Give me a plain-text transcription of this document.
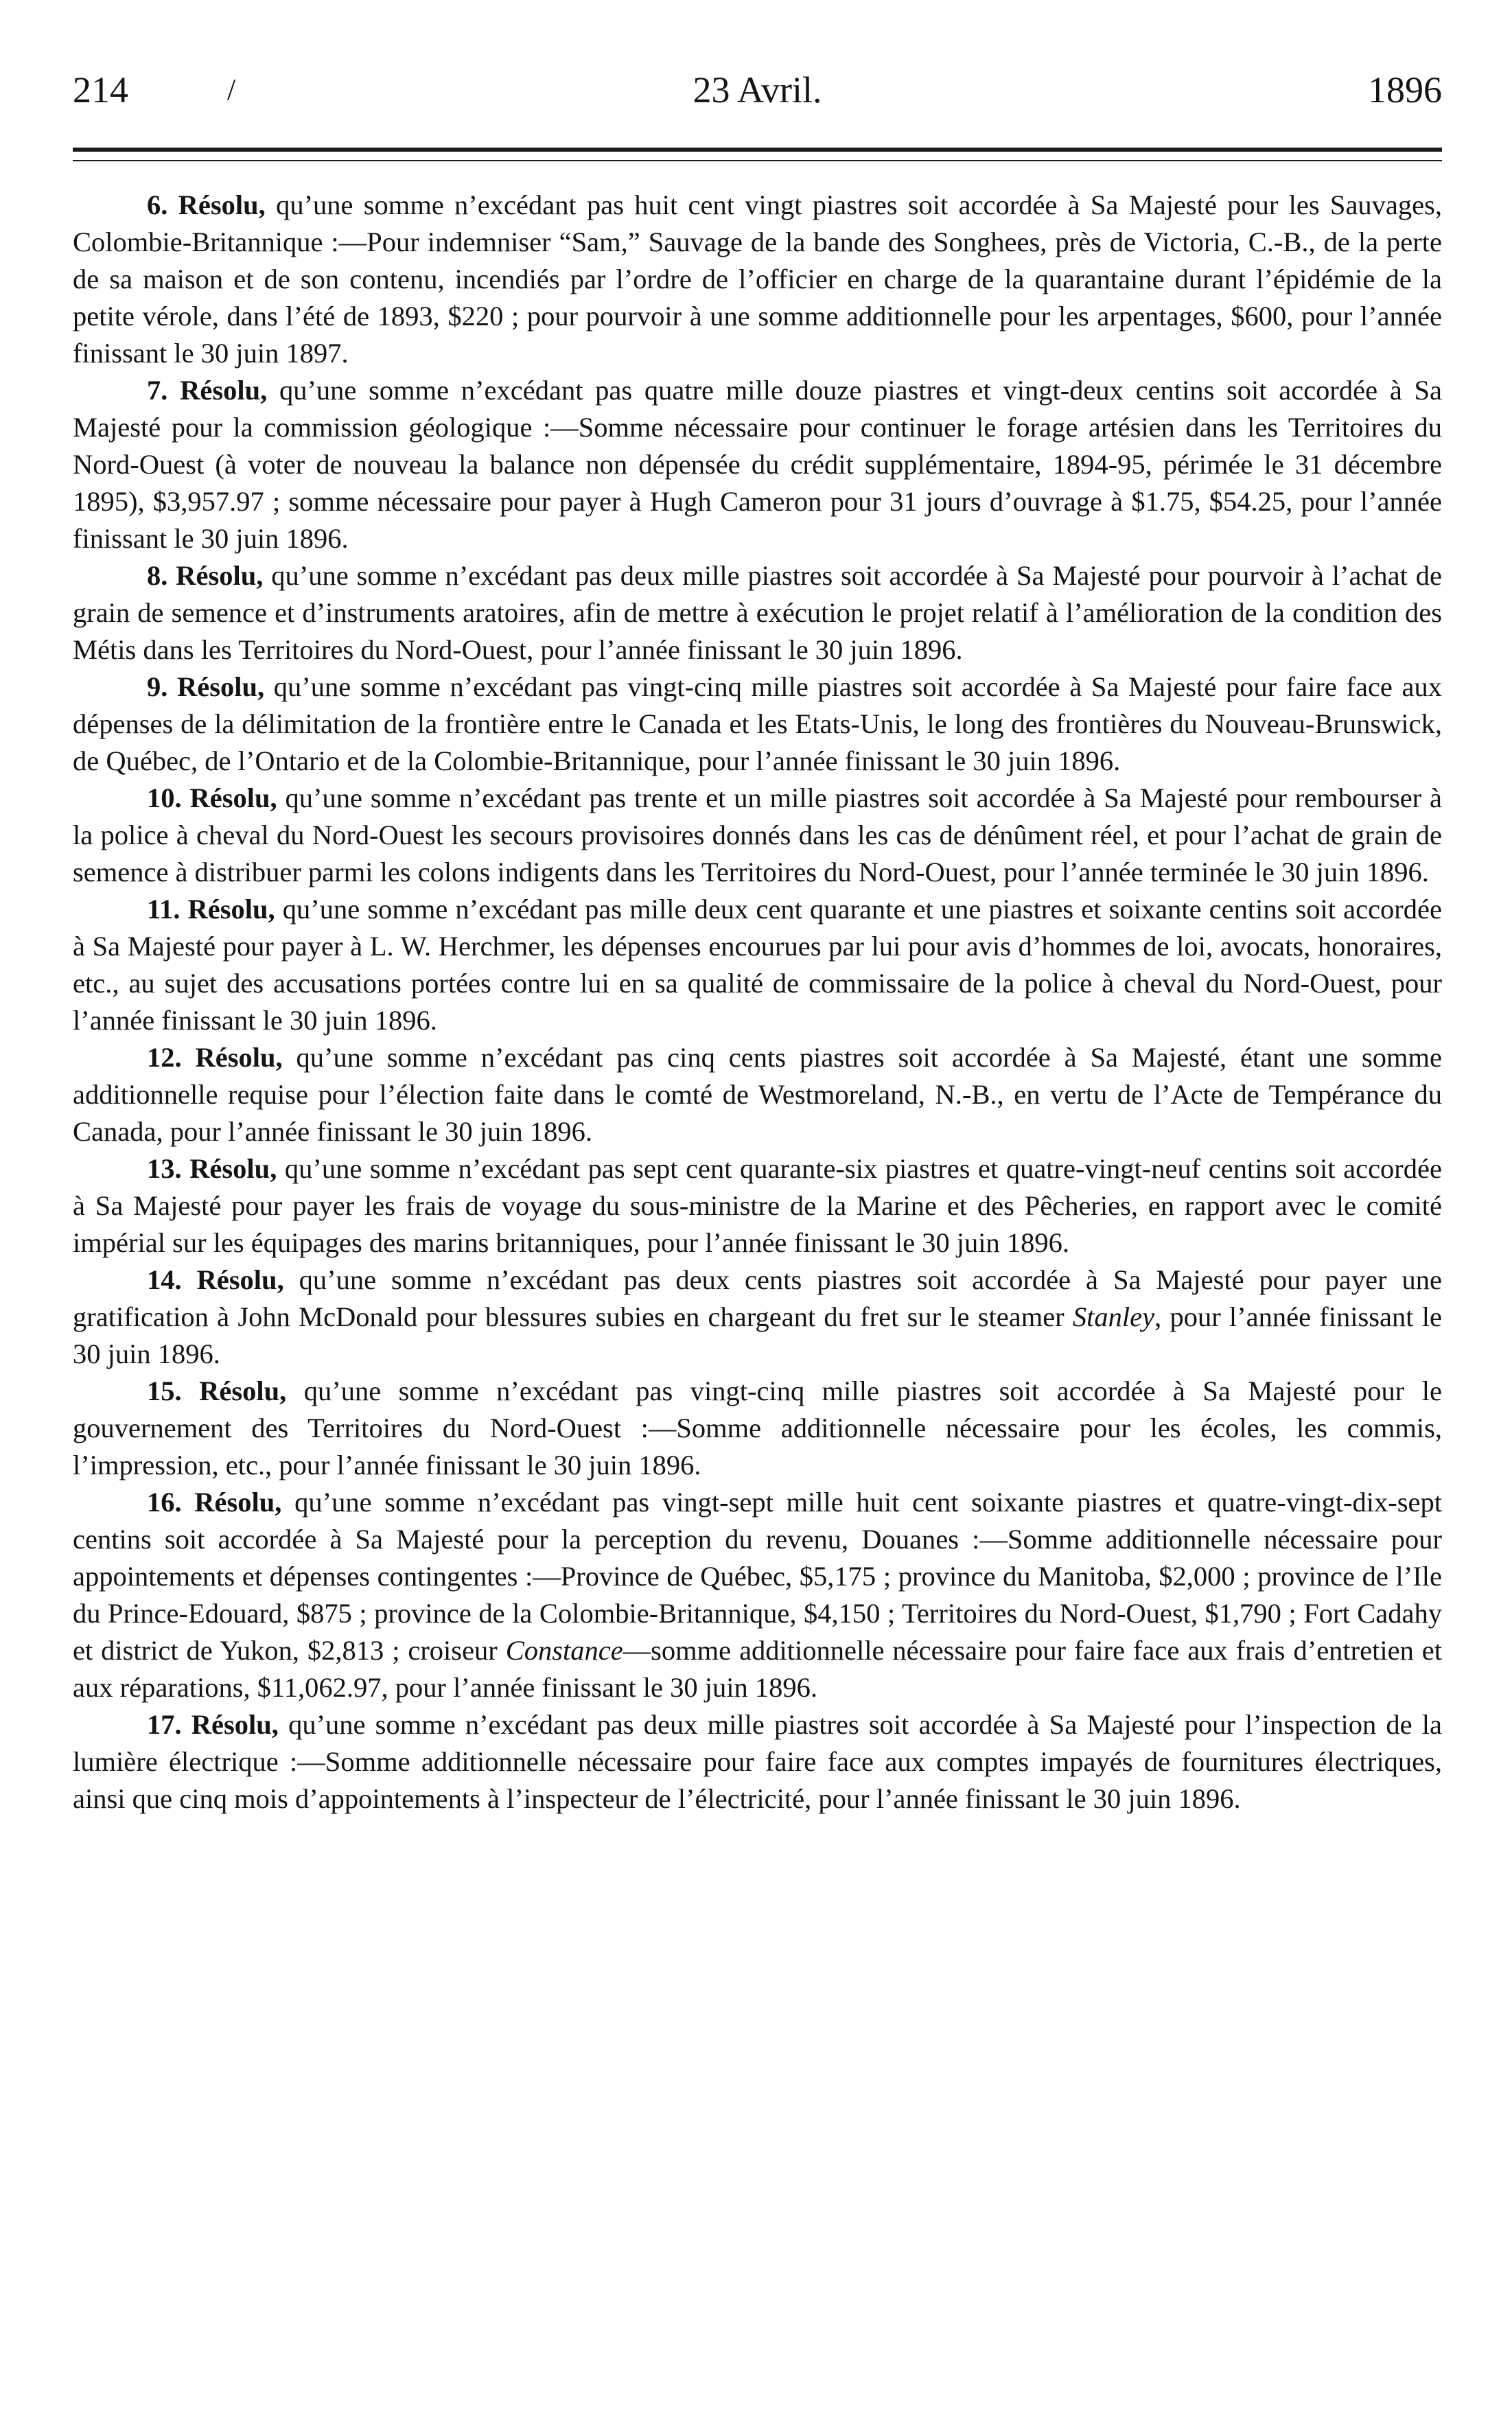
214	/	23 Avril.	1896

6. Résolu, qu’une somme n’excédant pas huit cent vingt piastres soit accordée à Sa Majesté pour les Sauvages, Colombie-Britannique :—Pour indemniser “Sam,” Sauvage de la bande des Songhees, près de Victoria, C.-B., de la perte de sa maison et de son contenu, incendiés par l’ordre de l’officier en charge de la quarantaine durant l’épidémie de la petite vérole, dans l’été de 1893, $220 ; pour pourvoir à une somme additionnelle pour les arpentages, $600, pour l’année finissant le 30 juin 1897.

7. Résolu, qu’une somme n’excédant pas quatre mille douze piastres et vingt-deux centins soit accordée à Sa Majesté pour la commission géologique :—Somme nécessaire pour continuer le forage artésien dans les Territoires du Nord-Ouest (à voter de nouveau la balance non dépensée du crédit supplémentaire, 1894-95, périmée le 31 décembre 1895), $3,957.97 ; somme nécessaire pour payer à Hugh Cameron pour 31 jours d’ouvrage à $1.75, $54.25, pour l’année finissant le 30 juin 1896.

8. Résolu, qu’une somme n’excédant pas deux mille piastres soit accordée à Sa Majesté pour pourvoir à l’achat de grain de semence et d’instruments aratoires, afin de mettre à exécution le projet relatif à l’amélioration de la condition des Métis dans les Territoires du Nord-Ouest, pour l’année finissant le 30 juin 1896.

9. Résolu, qu’une somme n’excédant pas vingt-cinq mille piastres soit accordée à Sa Majesté pour faire face aux dépenses de la délimitation de la frontière entre le Canada et les Etats-Unis, le long des frontières du Nouveau-Brunswick, de Québec, de l’Ontario et de la Colombie-Britannique, pour l’année finissant le 30 juin 1896.

10. Résolu, qu’une somme n’excédant pas trente et un mille piastres soit accordée à Sa Majesté pour rembourser à la police à cheval du Nord-Ouest les secours provisoires donnés dans les cas de dénûment réel, et pour l’achat de grain de semence à distribuer parmi les colons indigents dans les Territoires du Nord-Ouest, pour l’année terminée le 30 juin 1896.

11. Résolu, qu’une somme n’excédant pas mille deux cent quarante et une piastres et soixante centins soit accordée à Sa Majesté pour payer à L. W. Herchmer, les dépenses encourues par lui pour avis d’hommes de loi, avocats, honoraires, etc., au sujet des accusations portées contre lui en sa qualité de commissaire de la police à cheval du Nord-Ouest, pour l’année finissant le 30 juin 1896.

12. Résolu, qu’une somme n’excédant pas cinq cents piastres soit accordée à Sa Majesté, étant une somme additionnelle requise pour l’élection faite dans le comté de Westmoreland, N.-B., en vertu de l’Acte de Tempérance du Canada, pour l’année finissant le 30 juin 1896.

13. Résolu, qu’une somme n’excédant pas sept cent quarante-six piastres et quatre-vingt-neuf centins soit accordée à Sa Majesté pour payer les frais de voyage du sous-ministre de la Marine et des Pêcheries, en rapport avec le comité impérial sur les équipages des marins britanniques, pour l’année finissant le 30 juin 1896.

14. Résolu, qu’une somme n’excédant pas deux cents piastres soit accordée à Sa Majesté pour payer une gratification à John McDonald pour blessures subies en chargeant du fret sur le steamer Stanley, pour l’année finissant le 30 juin 1896.

15. Résolu, qu’une somme n’excédant pas vingt-cinq mille piastres soit accordée à Sa Majesté pour le gouvernement des Territoires du Nord-Ouest :—Somme additionnelle nécessaire pour les écoles, les commis, l’impression, etc., pour l’année finissant le 30 juin 1896.

16. Résolu, qu’une somme n’excédant pas vingt-sept mille huit cent soixante piastres et quatre-vingt-dix-sept centins soit accordée à Sa Majesté pour la perception du revenu, Douanes :—Somme additionnelle nécessaire pour appointements et dépenses contingentes :—Province de Québec, $5,175 ; province du Manitoba, $2,000 ; province de l’Ile du Prince-Edouard, $875 ; province de la Colombie-Britannique, $4,150 ; Territoires du Nord-Ouest, $1,790 ; Fort Cadahy et district de Yukon, $2,813 ; croiseur Constance—somme additionnelle nécessaire pour faire face aux frais d’entretien et aux réparations, $11,062.97, pour l’année finissant le 30 juin 1896.

17. Résolu, qu’une somme n’excédant pas deux mille piastres soit accordée à Sa Majesté pour l’inspection de la lumière électrique :—Somme additionnelle nécessaire pour faire face aux comptes impayés de fournitures électriques, ainsi que cinq mois d’appointements à l’inspecteur de l’électricité, pour l’année finissant le 30 juin 1896.
